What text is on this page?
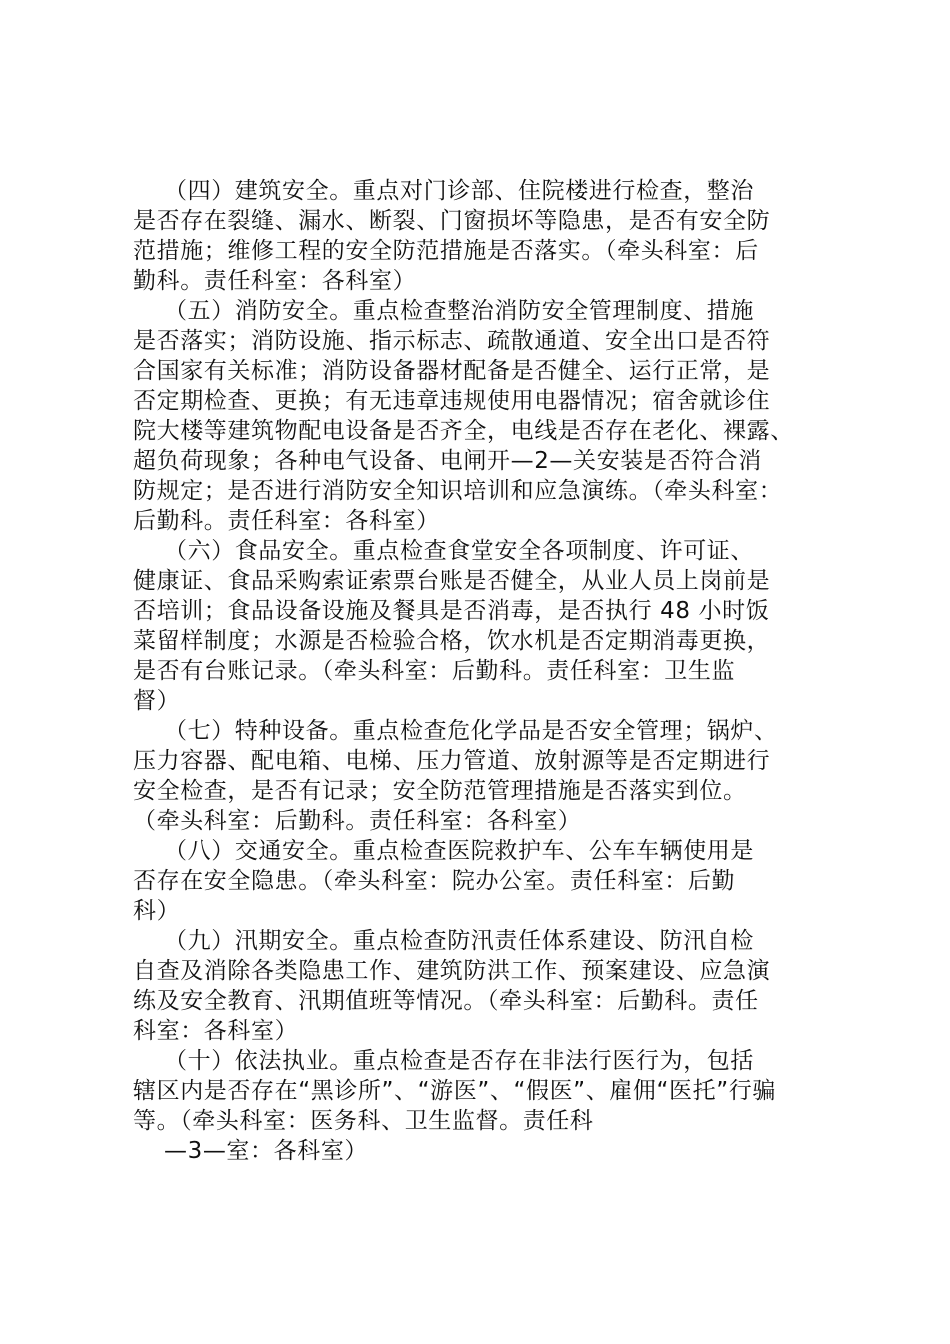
（四）建筑安全。重点对门诊部、住院楼进行检查，整治
是否存在裂缝、漏水、断裂、门窗损坏等隐患，是否有安全防
范措施；维修工程的安全防范措施是否落实。（牵头科室：后
勤科。责任科室：各科室）
（五）消防安全。重点检查整治消防安全管理制度、措施
是否落实；消防设施、指示标志、疏散通道、安全出口是否符
合国家有关标准；消防设备器材配备是否健全、运行正常，是
否定期检查、更换；有无违章违规使用电器情况；宿舍就诊住
院大楼等建筑物配电设备是否齐全，电线是否存在老化、裸露、
超负荷现象；各种电气设备、电闸开—2—关安装是否符合消
防规定；是否进行消防安全知识培训和应急演练。（牵头科室：
后勤科。责任科室：各科室）
（六）食品安全。重点检查食堂安全各项制度、许可证、
健康证、食品采购索证索票台账是否健全，从业人员上岗前是
否培训；食品设备设施及餐具是否消毒，是否执行 48 小时饭
菜留样制度；水源是否检验合格，饮水机是否定期消毒更换，
是否有台账记录。（牵头科室：后勤科。责任科室：卫生监
督）
（七）特种设备。重点检查危化学品是否安全管理；锅炉、
压力容器、配电箱、电梯、压力管道、放射源等是否定期进行
安全检查，是否有记录；安全防范管理措施是否落实到位。
（牵头科室：后勤科。责任科室：各科室）
（八）交通安全。重点检查医院救护车、公车车辆使用是
否存在安全隐患。（牵头科室：院办公室。责任科室：后勤
科）
（九）汛期安全。重点检查防汛责任体系建设、防汛自检
自查及消除各类隐患工作、建筑防洪工作、预案建设、应急演
练及安全教育、汛期值班等情况。（牵头科室：后勤科。责任
科室：各科室）
（十）依法执业。重点检查是否存在非法行医行为，包括
辖区内是否存在“黑诊所”、“游医”、“假医”、雇佣“医托”行骗
等。（牵头科室：医务科、卫生监督。责任科
—3—室：各科室）
